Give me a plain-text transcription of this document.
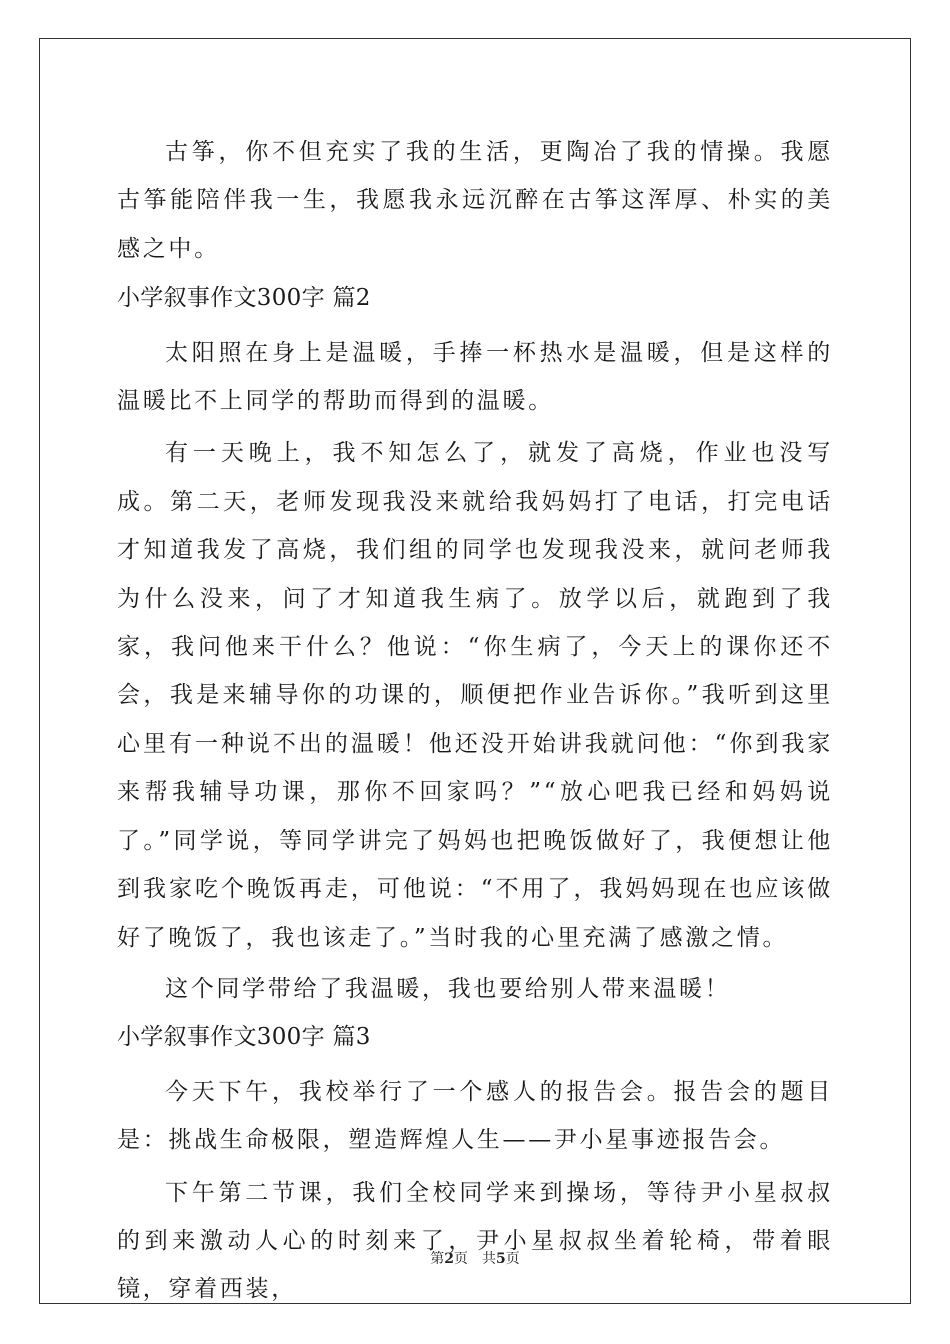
古筝，你不但充实了我的生活，更陶冶了我的情操。我愿古筝能陪伴我一生，我愿我永远沉醉在古筝这浑厚、朴实的美感之中。

小学叙事作文300字 篇2

太阳照在身上是温暖，手捧一杯热水是温暖，但是这样的温暖比不上同学的帮助而得到的温暖。

有一天晚上，我不知怎么了，就发了高烧，作业也没写成。第二天，老师发现我没来就给我妈妈打了电话，打完电话才知道我发了高烧，我们组的同学也发现我没来，就问老师我为什么没来，问了才知道我生病了。放学以后，就跑到了我家，我问他来干什么？他说：“你生病了，今天上的课你还不会，我是来辅导你的功课的，顺便把作业告诉你。”我听到这里心里有一种说不出的温暖！他还没开始讲我就问他：“你到我家来帮我辅导功课，那你不回家吗？”“放心吧我已经和妈妈说了。”同学说，等同学讲完了妈妈也把晚饭做好了，我便想让他到我家吃个晚饭再走，可他说：“不用了，我妈妈现在也应该做好了晚饭了，我也该走了。”当时我的心里充满了感激之情。

这个同学带给了我温暖，我也要给别人带来温暖！

小学叙事作文300字 篇3

今天下午，我校举行了一个感人的报告会。报告会的题目是：挑战生命极限，塑造辉煌人生——尹小星事迹报告会。

下午第二节课，我们全校同学来到操场，等待尹小星叔叔的到来激动人心的时刻来了，尹小星叔叔坐着轮椅，带着眼镜，穿着西装，

第2页 共5页
